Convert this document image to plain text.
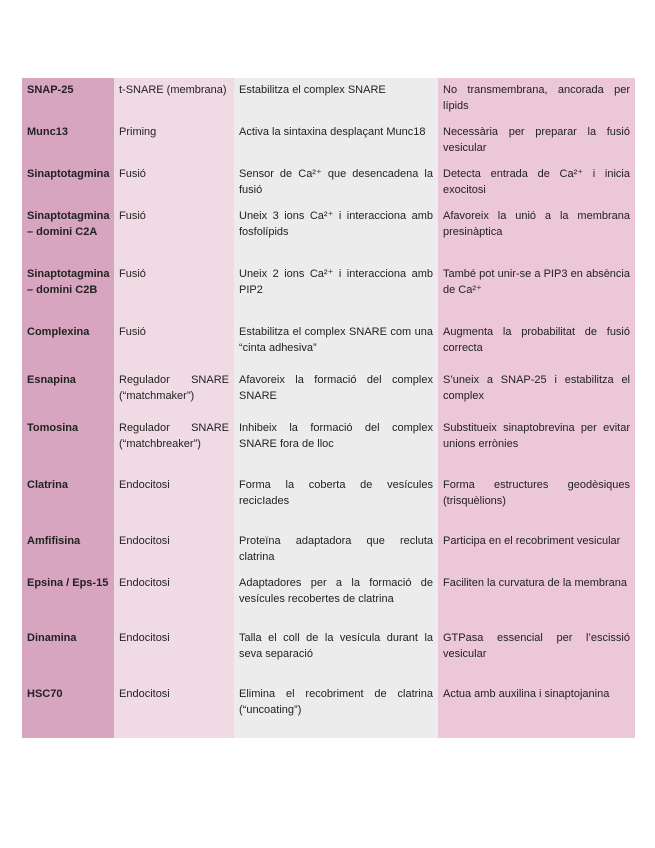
SNAP-25	t-SNARE (membrana)	Estabilitza el complex SNARE	No transmembrana, ancorada per lípids
Munc13	Priming	Activa la sintaxina desplaçant Munc18	Necessària per preparar la fusió vesicular
Sinaptotagmina	Fusió	Sensor de Ca²⁺ que desencadena la fusió	Detecta entrada de Ca²⁺ i inicia exocitosi
Sinaptotagmina – domini C2A	Fusió	Uneix 3 ions Ca²⁺ i interacciona amb fosfolípids	Afavoreix la unió a la membrana presinàptica
Sinaptotagmina – domini C2B	Fusió	Uneix 2 ions Ca²⁺ i interacciona amb PIP2	També pot unir-se a PIP3 en absència de Ca²⁺
Complexina	Fusió	Estabilitza el complex SNARE com una “cinta adhesiva”	Augmenta la probabilitat de fusió correcta
Esnapina	Regulador SNARE (“matchmaker”)	Afavoreix la formació del complex SNARE	S’uneix a SNAP-25 i estabilitza el complex
Tomosina	Regulador SNARE (“matchbreaker”)	Inhibeix la formació del complex SNARE fora de lloc	Substitueix sinaptobrevina per evitar unions errònies
Clatrina	Endocitosi	Forma la coberta de vesícules recicIades	Forma estructures geodèsiques (trisquèlions)
Amfifisina	Endocitosi	Proteïna adaptadora que recluta clatrina	Participa en el recobriment vesicular
Epsina / Eps-15	Endocitosi	Adaptadores per a la formació de vesícules recobertes de clatrina	Faciliten la curvatura de la membrana
Dinamina	Endocitosi	Talla el coll de la vesícula durant la seva separació	GTPasa essencial per l’escissió vesicular
HSC70	Endocitosi	Elimina el recobriment de clatrina (“uncoating”)	Actua amb auxilina i sinaptojanina
